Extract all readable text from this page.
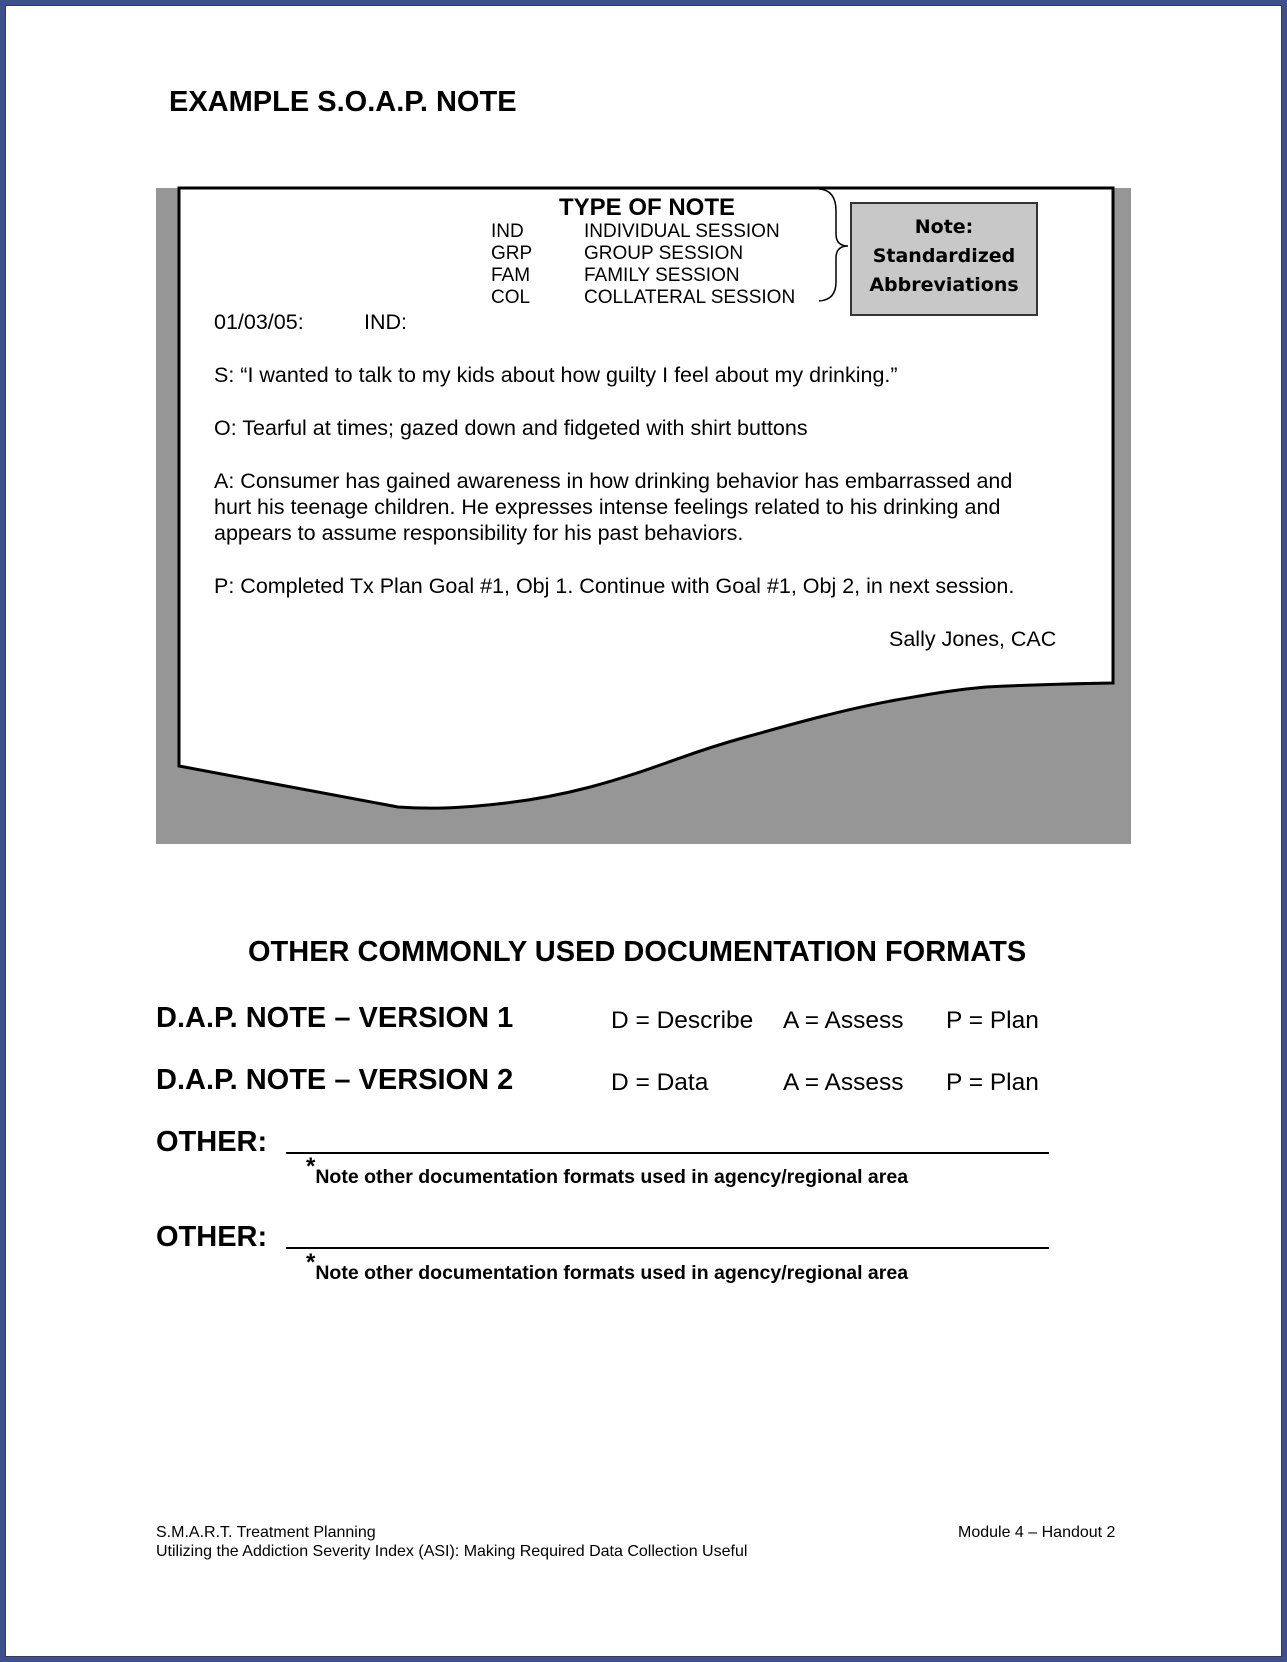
EXAMPLE S.O.A.P. NOTE
TYPE OF NOTE
IND	INDIVIDUAL SESSION
GRP	GROUP SESSION
FAM	FAMILY SESSION
COL	COLLATERAL SESSION
Note:
Standardized
Abbreviations
01/03/05:	IND:
S: “I wanted to talk to my kids about how guilty I feel about my drinking.”
O: Tearful at times; gazed down and fidgeted with shirt buttons
A: Consumer has gained awareness in how drinking behavior has embarrassed and
hurt his teenage children. He expresses intense feelings related to his drinking and
appears to assume responsibility for his past behaviors.
P: Completed Tx Plan Goal #1, Obj 1. Continue with Goal #1, Obj 2, in next session.
Sally Jones, CAC
OTHER COMMONLY USED DOCUMENTATION FORMATS
D.A.P. NOTE – VERSION 1	D = Describe A = Assess P = Plan
D.A.P. NOTE – VERSION 2	D = Data	A = Assess P = Plan
OTHER:
*Note other documentation formats used in agency/regional area
OTHER:
*Note other documentation formats used in agency/regional area
S.M.A.R.T. Treatment Planning
Utilizing the Addiction Severity Index (ASI): Making Required Data Collection Useful
Module 4 – Handout 2
